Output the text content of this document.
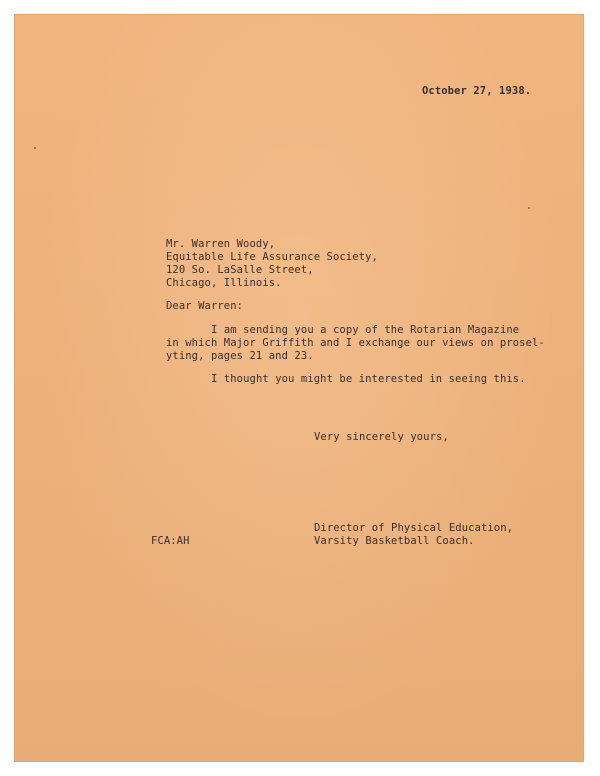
October 27, 1938.
Mr. Warren Woody,
Equitable Life Assurance Society,
120 So. LaSalle Street,
Chicago, Illinois.
Dear Warren:
I am sending you a copy of the Rotarian Magazine
in which Major Griffith and I exchange our views on prosel-
yting, pages 21 and 23.
I thought you might be interested in seeing this.
Very sincerely yours,
FCA:AH
Director of Physical Education,
Varsity Basketball Coach.
